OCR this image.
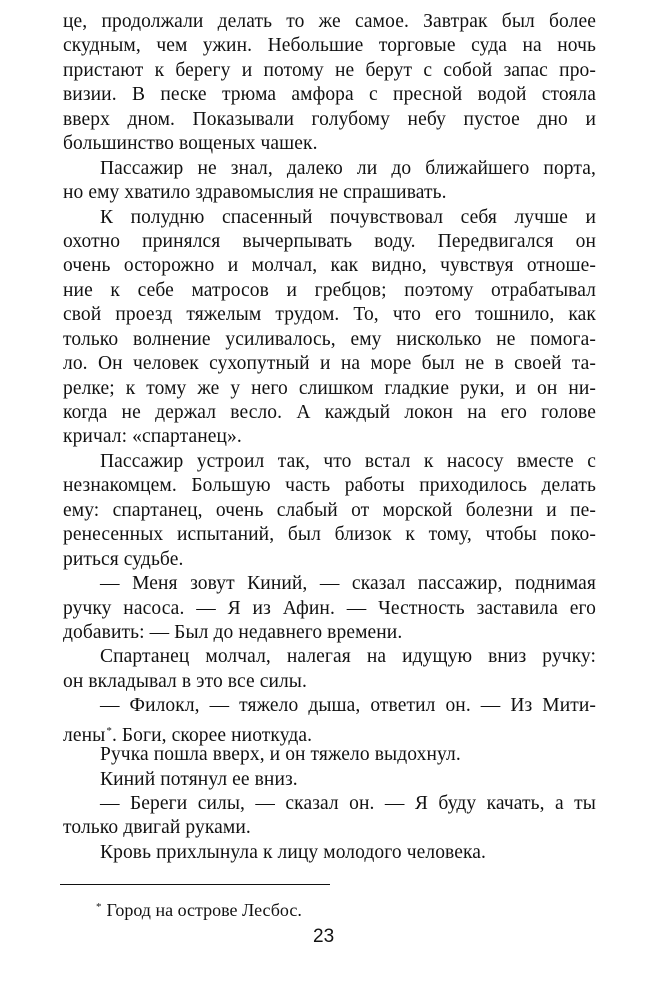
це, продолжали делать то же самое. Завтрак был более
скудным, чем ужин. Небольшие торговые суда на ночь
пристают к берегу и потому не берут с собой запас про-
визии. В песке трюма амфора с пресной водой стояла
вверх дном. Показывали голубому небу пустое дно и
большинство вощеных чашек.
Пассажир не знал, далеко ли до ближайшего порта,
но ему хватило здравомыслия не спрашивать.
К полудню спасенный почувствовал себя лучше и
охотно принялся вычерпывать воду. Передвигался он
очень осторожно и молчал, как видно, чувствуя отноше-
ние к себе матросов и гребцов; поэтому отрабатывал
свой проезд тяжелым трудом. То, что его тошнило, как
только волнение усиливалось, ему нисколько не помога-
ло. Он человек сухопутный и на море был не в своей та-
релке; к тому же у него слишком гладкие руки, и он ни-
когда не держал весло. А каждый локон на его голове
кричал: «спартанец».
Пассажир устроил так, что встал к насосу вместе с
незнакомцем. Большую часть работы приходилось делать
ему: спартанец, очень слабый от морской болезни и пе-
ренесенных испытаний, был близок к тому, чтобы поко-
риться судьбе.
— Меня зовут Киний, — сказал пассажир, поднимая
ручку насоса. — Я из Афин. — Честность заставила его
добавить: — Был до недавнего времени.
Спартанец молчал, налегая на идущую вниз ручку:
он вкладывал в это все силы.
— Филокл, — тяжело дыша, ответил он. — Из Мити-
лены*. Боги, скорее ниоткуда.
Ручка пошла вверх, и он тяжело выдохнул.
Киний потянул ее вниз.
— Береги силы, — сказал он. — Я буду качать, а ты
только двигай руками.
Кровь прихлынула к лицу молодого человека.
* Город на острове Лесбос.
23
